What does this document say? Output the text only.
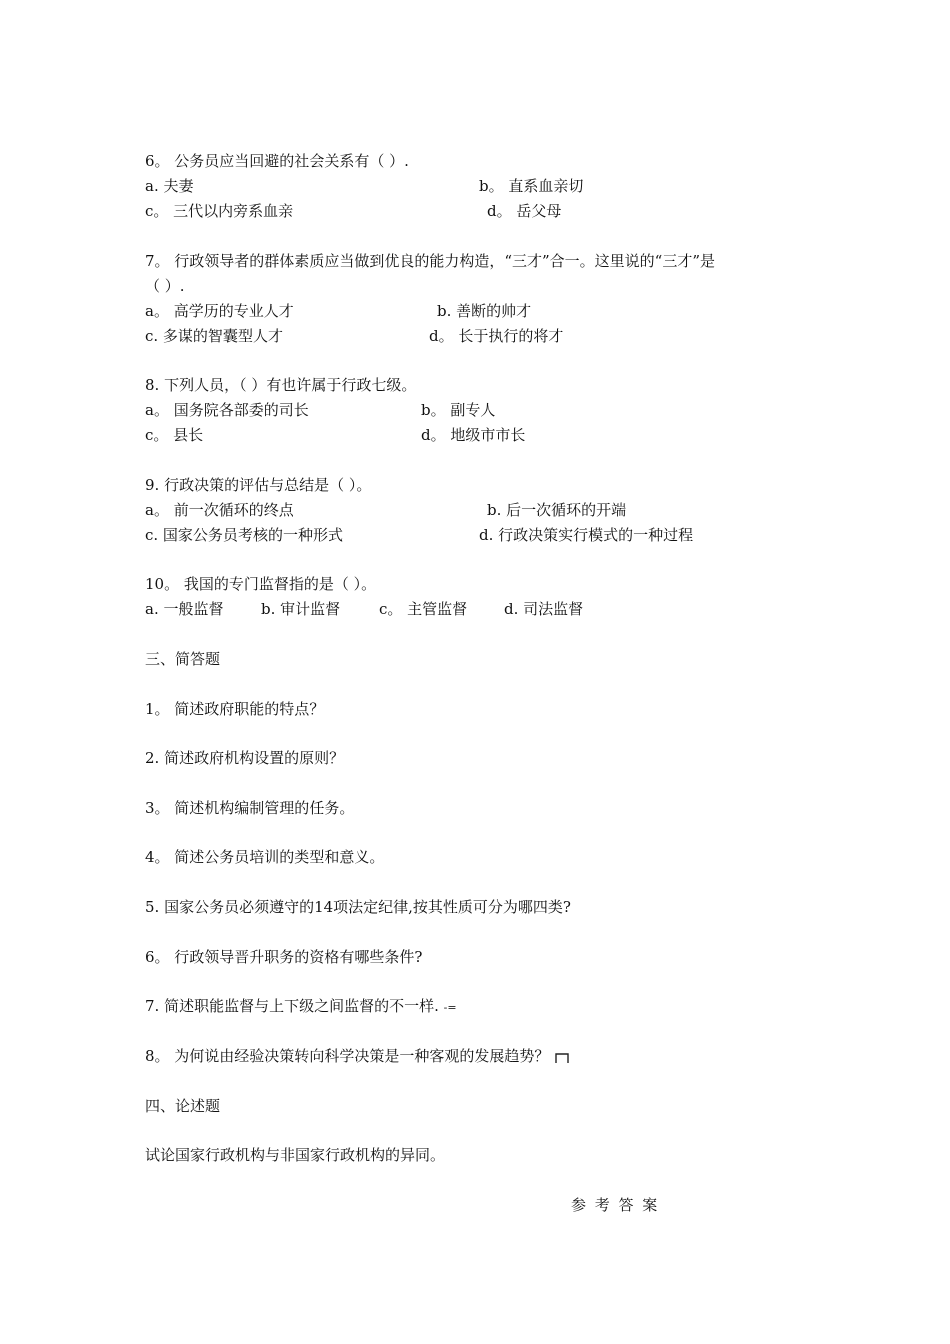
6。 公务员应当回避的社会关系有（ ）.
a. 夫妻	b。 直系血亲切
c。 三代以内旁系血亲	d。 岳父母
7。 行政领导者的群体素质应当做到优良的能力构造，“三才”合一。这里说的“三才”是
（ ）.
a。 高学历的专业人才	b. 善断的帅才
c. 多谋的智囊型人才	d。 长于执行的将才
8. 下列人员，（ ）有也许属于行政七级。
a。 国务院各部委的司长	b。 副专人
c。 县长	d。 地级市市长
9. 行政决策的评估与总结是（ ）。
a。 前一次循环的终点	b. 后一次循环的开端
c. 国家公务员考核的一种形式	d. 行政决策实行模式的一种过程
10。 我国的专门监督指的是（ ）。
a. 一般监督	b. 审计监督	c。 主管监督 d. 司法监督
三、简答题
1。 简述政府职能的特点？
2. 简述政府机构设置的原则？
3。 简述机构编制管理的任务。
4。 简述公务员培训的类型和意义。
5. 国家公务员必须遵守的14项法定纪律,按其性质可分为哪四类?
6。 行政领导晋升职务的资格有哪些条件?
7. 简述职能监督与上下级之间监督的不一样. -=
8。 为何说由经验决策转向科学决策是一种客观的发展趋势？
四、论述题
试论国家行政机构与非国家行政机构的异同。
参 考 答 案
